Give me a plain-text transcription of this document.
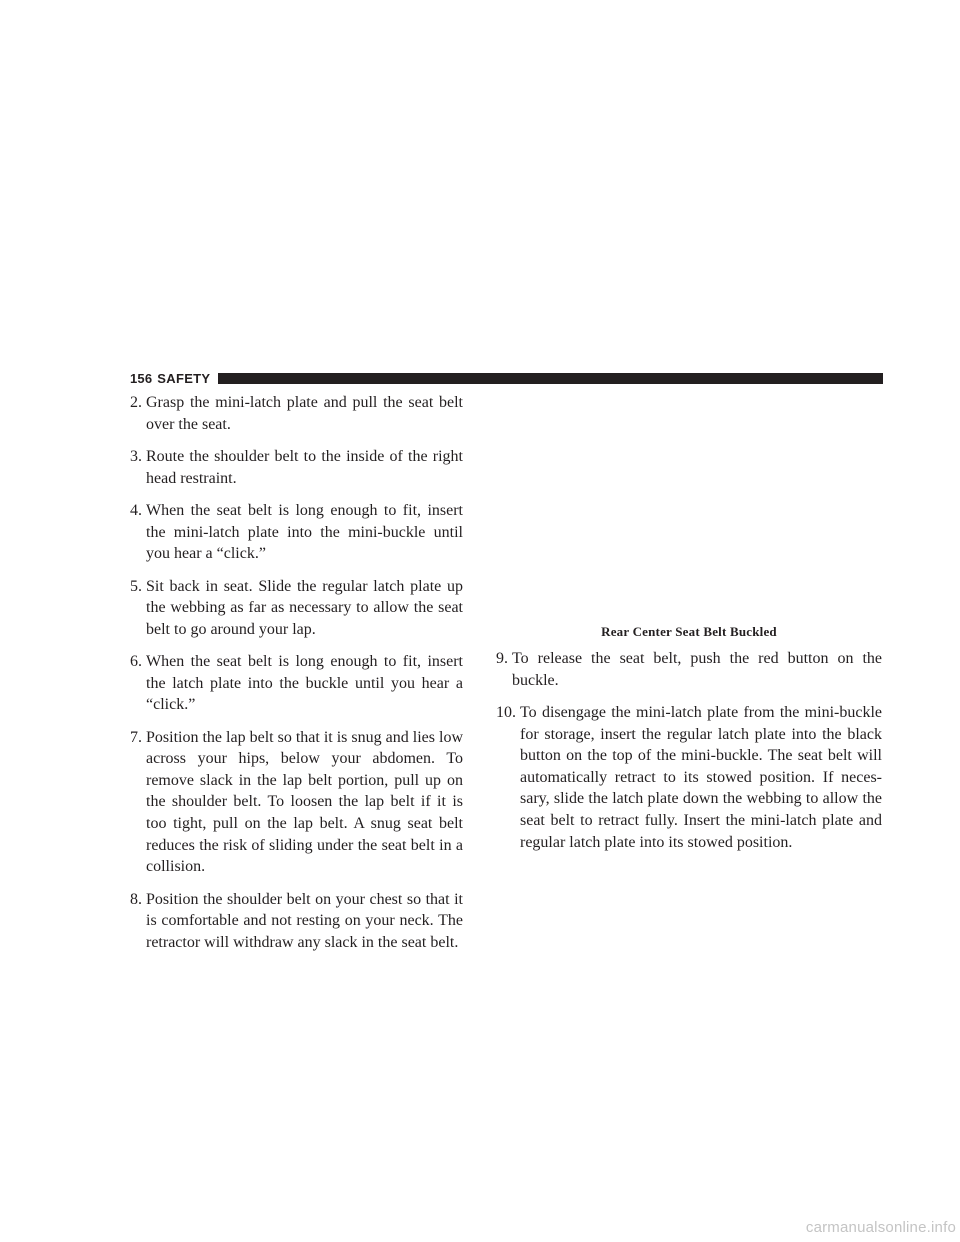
156 SAFETY
2.
Grasp the mini-latch plate and pull the seat belt over the seat.
3.
Route the shoulder belt to the inside of the right head restraint.
4.
When the seat belt is long enough to fit, insert the mini-latch plate into the mini-buckle until you hear a “click.”
5.
Sit back in seat. Slide the regular latch plate up the webbing as far as necessary to allow the seat belt to go around your lap.
6.
When the seat belt is long enough to fit, insert the latch plate into the buckle until you hear a “click.”
7.
Position the lap belt so that it is snug and lies low across your hips, below your abdomen. To remove slack in the lap belt portion, pull up on the shoulder belt. To loosen the lap belt if it is too tight, pull on the lap belt. A snug seat belt reduces the risk of sliding under the seat belt in a collision.
8.
Position the shoulder belt on your chest so that it is comfortable and not resting on your neck. The retractor will withdraw any slack in the seat belt.
Rear Center Seat Belt Buckled
9.
To release the seat belt, push the red button on the buckle.
10.
To disengage the mini-latch plate from the mini-buckle for storage, insert the regular latch plate into the black button on the top of the mini-buckle. The seat belt will automatically retract to its stowed position. If neces- sary, slide the latch plate down the webbing to allow the seat belt to retract fully. Insert the mini-latch plate and regular latch plate into its stowed position.
carmanualsonline.info
